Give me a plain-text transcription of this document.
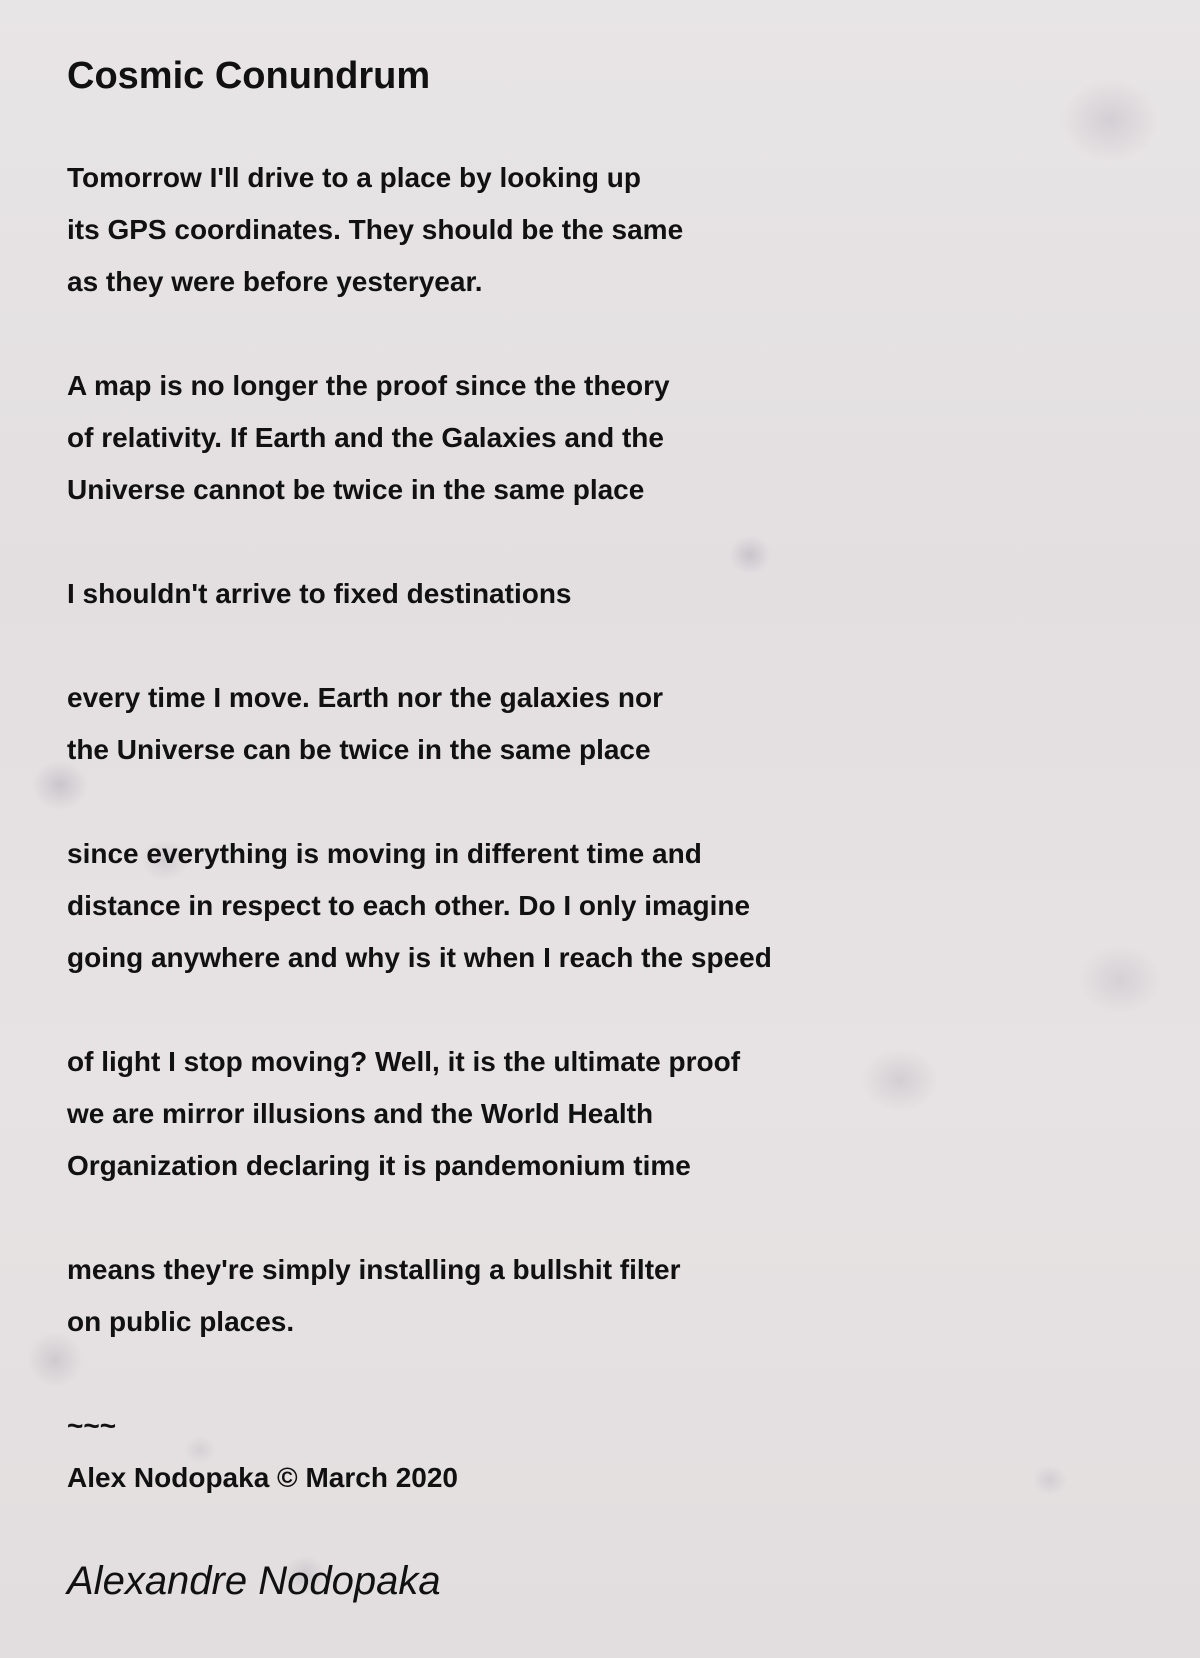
Cosmic Conundrum

Tomorrow I'll drive to a place by looking up
its GPS coordinates. They should be the same
as they were before yesteryear.

A map is no longer the proof since the theory
of relativity. If Earth and the Galaxies and the
Universe cannot be twice in the same place

I shouldn't arrive to fixed destinations

every time I move. Earth nor the galaxies nor
the Universe can be twice in the same place

since everything is moving in different time and
distance in respect to each other. Do I only imagine
going anywhere and why is it when I reach the speed

of light I stop moving? Well, it is the ultimate proof
we are mirror illusions and the World Health
Organization declaring it is pandemonium time

means they're simply installing a bullshit filter
on public places.

~~~
Alex Nodopaka © March 2020

Alexandre Nodopaka
